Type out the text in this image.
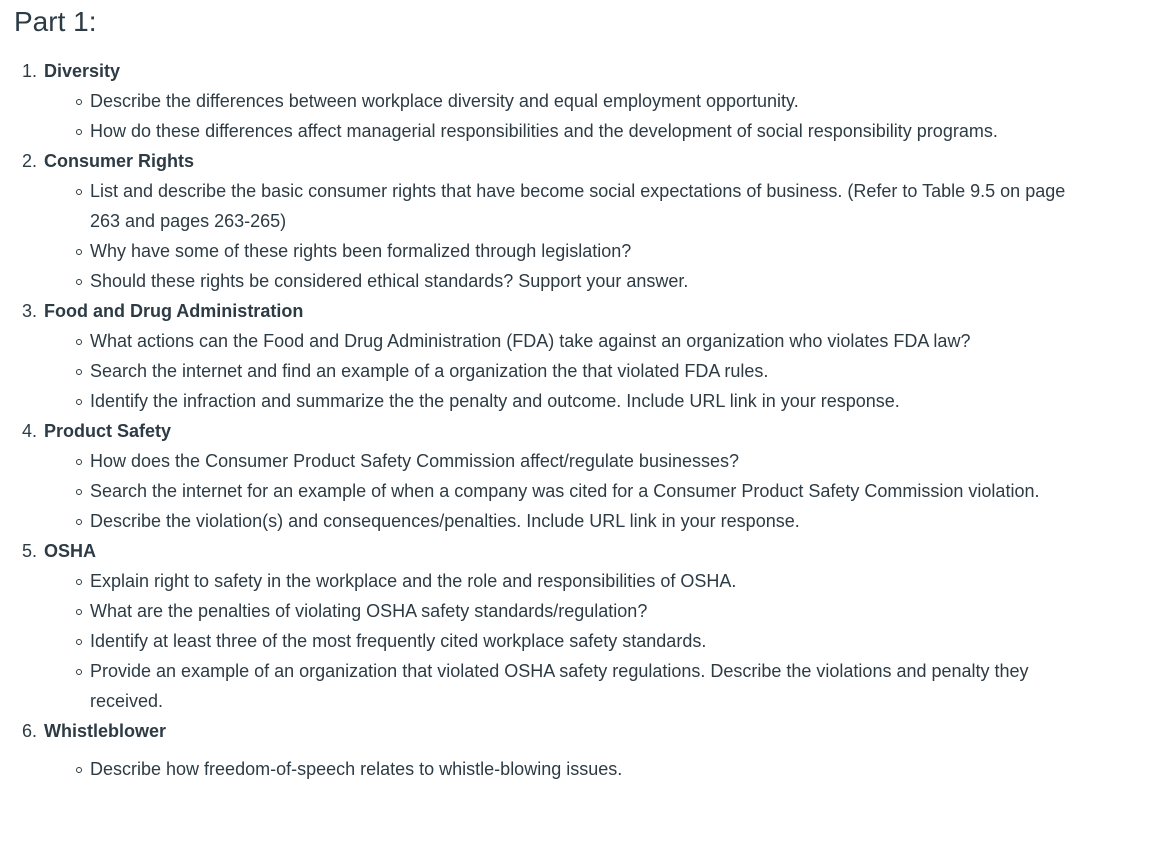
Part 1:
1. Diversity
Describe the differences between workplace diversity and equal employment opportunity.
How do these differences affect managerial responsibilities and the development of social responsibility programs.
2. Consumer Rights
List and describe the basic consumer rights that have become social expectations of business. (Refer to Table 9.5 on page 263 and pages 263-265)
Why have some of these rights been formalized through legislation?
Should these rights be considered ethical standards? Support your answer.
3. Food and Drug Administration
What actions can the Food and Drug Administration (FDA) take against an organization who violates FDA law?
Search the internet and find an example of a organization the that violated FDA rules.
Identify the infraction and summarize the the penalty and outcome. Include URL link in your response.
4. Product Safety
How does the Consumer Product Safety Commission affect/regulate businesses?
Search the internet for an example of when a company was cited for a Consumer Product Safety Commission violation.
Describe the violation(s) and consequences/penalties. Include URL link in your response.
5. OSHA
Explain right to safety in the workplace and the role and responsibilities of OSHA.
What are the penalties of violating OSHA safety standards/regulation?
Identify at least three of the most frequently cited workplace safety standards.
Provide an example of an organization that violated OSHA safety regulations. Describe the violations and penalty they received.
6. Whistleblower
Describe how freedom-of-speech relates to whistle-blowing issues.
